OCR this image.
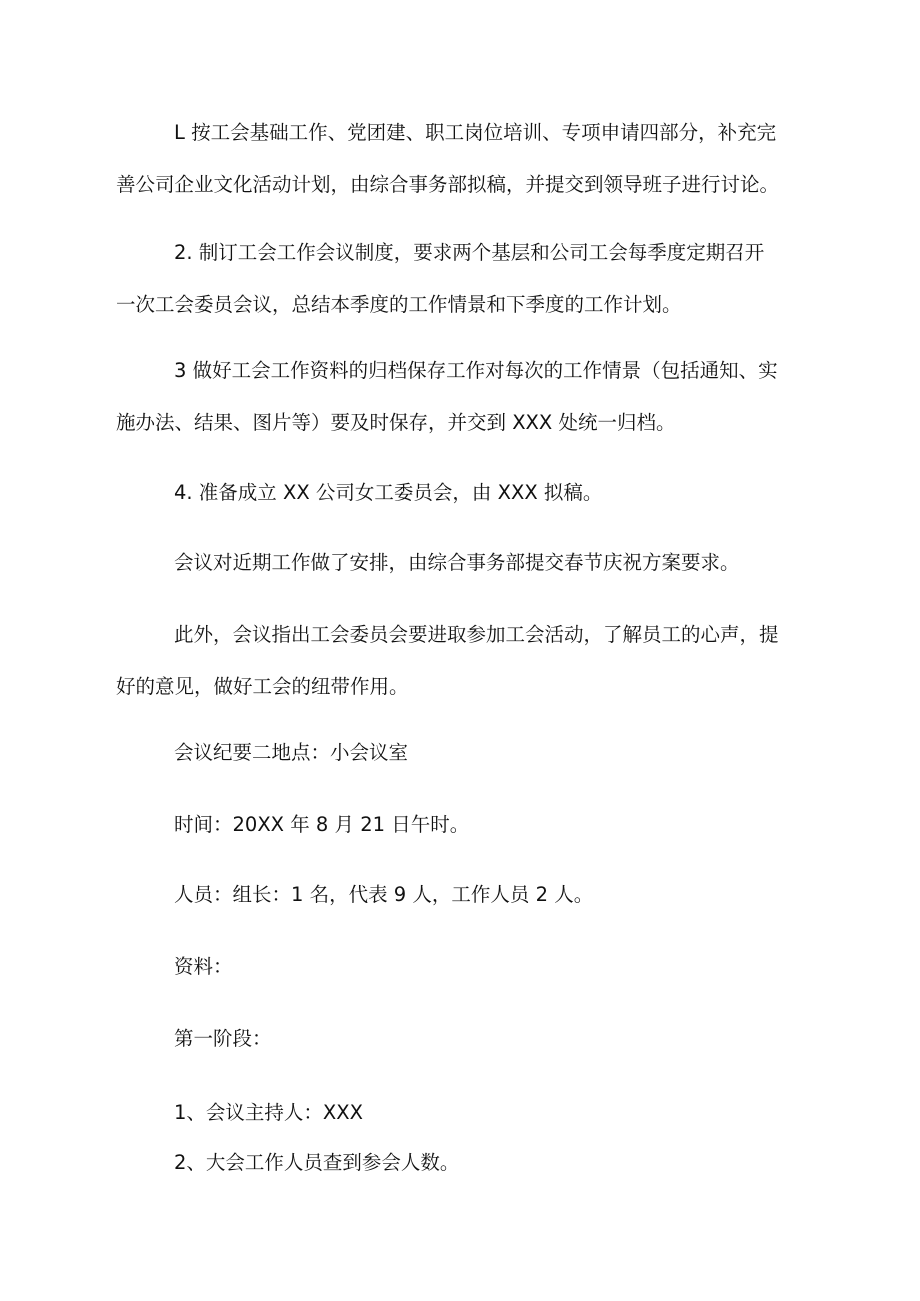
L 按工会基础工作、党团建、职工岗位培训、专项申请四部分，补充完
善公司企业文化活动计划，由综合事务部拟稿，并提交到领导班子进行讨论。

2. 制订工会工作会议制度，要求两个基层和公司工会每季度定期召开
一次工会委员会议，总结本季度的工作情景和下季度的工作计划。

3 做好工会工作资料的归档保存工作对每次的工作情景（包括通知、实
施办法、结果、图片等）要及时保存，并交到 XXX 处统一归档。

4. 准备成立 XX 公司女工委员会，由 XXX 拟稿。

会议对近期工作做了安排，由综合事务部提交春节庆祝方案要求。

此外，会议指出工会委员会要进取参加工会活动，了解员工的心声，提
好的意见，做好工会的纽带作用。

会议纪要二地点：小会议室

时间：20XX 年 8 月 21 日午时。

人员：组长：1 名，代表 9 人，工作人员 2 人。

资料：

第一阶段：

1、会议主持人：XXX

2、大会工作人员查到参会人数。
